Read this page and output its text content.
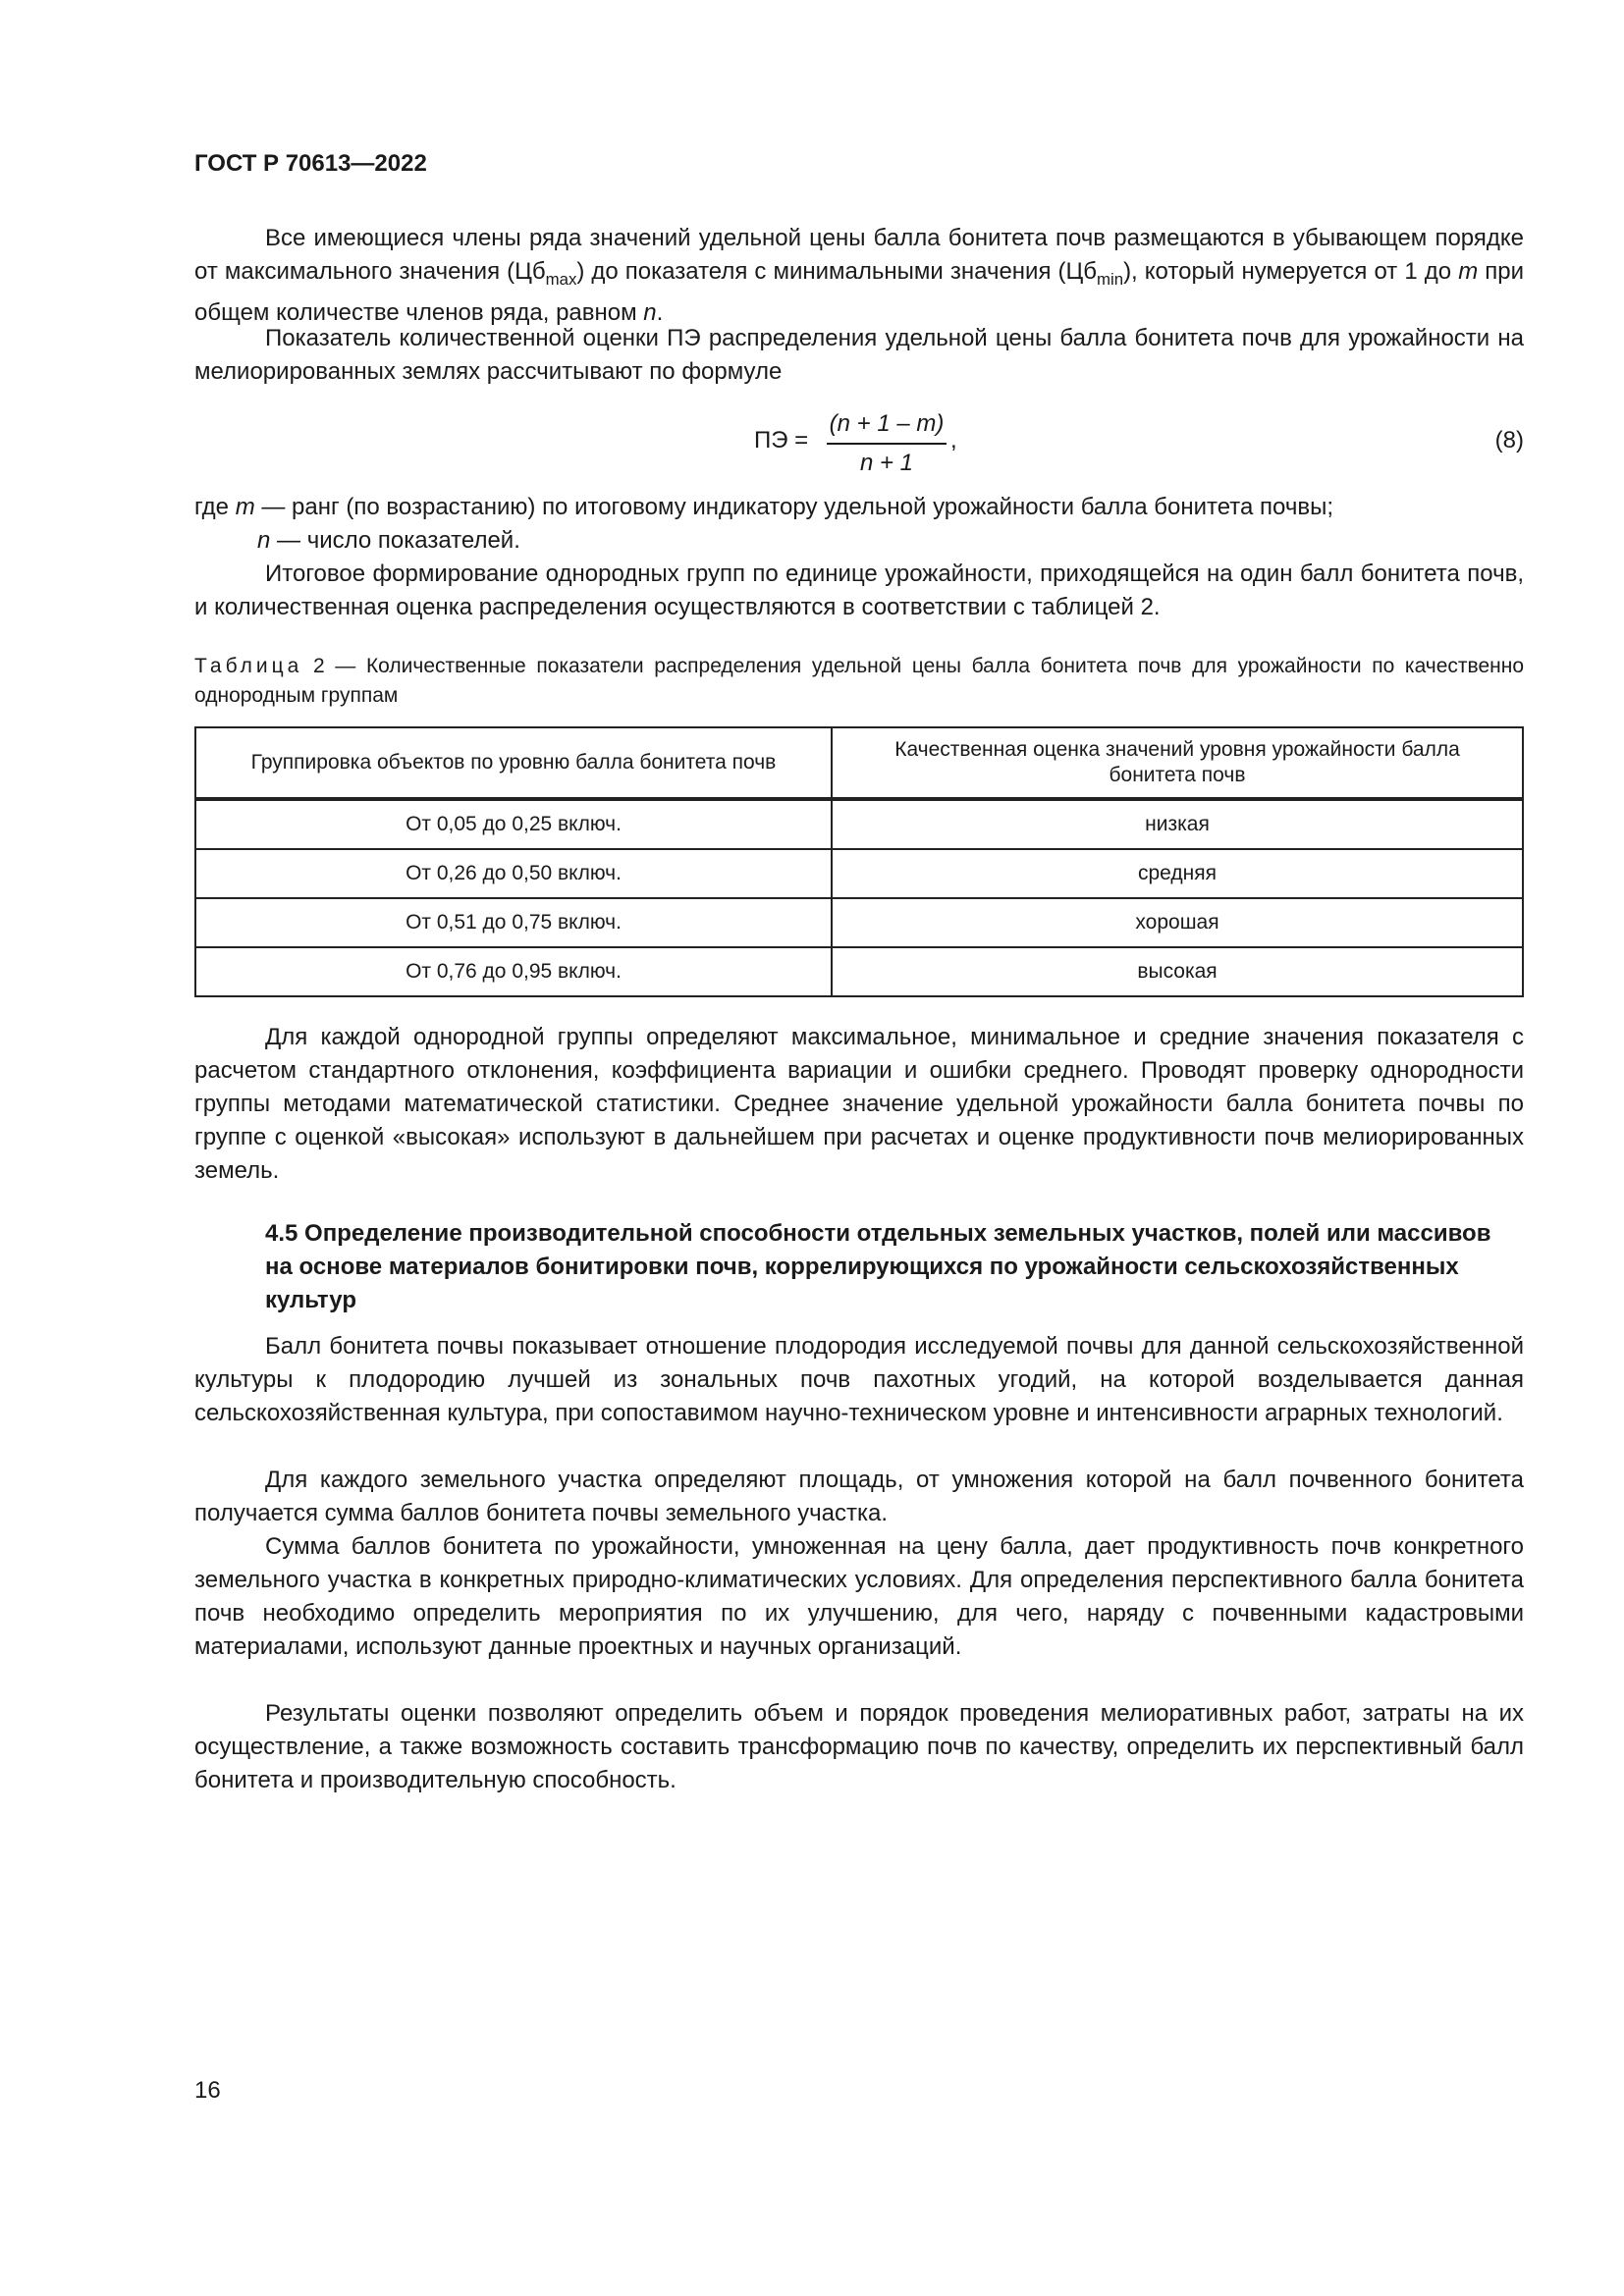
ГОСТ Р 70613—2022
Все имеющиеся члены ряда значений удельной цены балла бонитета почв размещаются в убывающем порядке от максимального значения $(Цб_{max})$ до показателя с минимальными значения $(Цб_{min})$, который нумеруется от 1 до m при общем количестве членов ряда, равном n.
Показатель количественной оценки ПЭ распределения удельной цены балла бонитета почв для урожайности на мелиорированных землях рассчитывают по формуле
ПЭ =
(n + 1 – m)
n + 1
,	(8)
где m — ранг (по возрастанию) по итоговому индикатору удельной урожайности балла бонитета почвы;
n — число показателей.
Итоговое формирование однородных групп по единице урожайности, приходящейся на один балл бонитета почв, и количественная оценка распределения осуществляются в соответствии с таблицей 2.
Таблица 2 — Количественные показатели распределения удельной цены балла бонитета почв для урожайности по качественно однородным группам
Группировка объектов по уровню балла бонитета почв	Качественная оценка значений уровня урожайности балла бонитета почв
От 0,05 до 0,25 включ.	низкая
От 0,26 до 0,50 включ.	средняя
От 0,51 до 0,75 включ.	хорошая
От 0,76 до 0,95 включ.	высокая
Для каждой однородной группы определяют максимальное, минимальное и средние значения показателя с расчетом стандартного отклонения, коэффициента вариации и ошибки среднего. Проводят проверку однородности группы методами математической статистики. Среднее значение удельной урожайности балла бонитета почвы по группе с оценкой «высокая» используют в дальнейшем при расчетах и оценке продуктивности почв мелиорированных земель.
4.5 Определение производительной способности отдельных земельных участков, полей или массивов на основе материалов бонитировки почв, коррелирующихся по урожайности сельскохозяйственных культур
Балл бонитета почвы показывает отношение плодородия исследуемой почвы для данной сельскохозяйственной культуры к плодородию лучшей из зональных почв пахотных угодий, на которой возделывается данная сельскохозяйственная культура, при сопоставимом научно-техническом уровне и интенсивности аграрных технологий.
Для каждого земельного участка определяют площадь, от умножения которой на балл почвенного бонитета получается сумма баллов бонитета почвы земельного участка.
Сумма баллов бонитета по урожайности, умноженная на цену балла, дает продуктивность почв конкретного земельного участка в конкретных природно-климатических условиях. Для определения перспективного балла бонитета почв необходимо определить мероприятия по их улучшению, для чего, наряду с почвенными кадастровыми материалами, используют данные проектных и научных организаций.
Результаты оценки позволяют определить объем и порядок проведения мелиоративных работ, затраты на их осуществление, а также возможность составить трансформацию почв по качеству, определить их перспективный балл бонитета и производительную способность.
16
